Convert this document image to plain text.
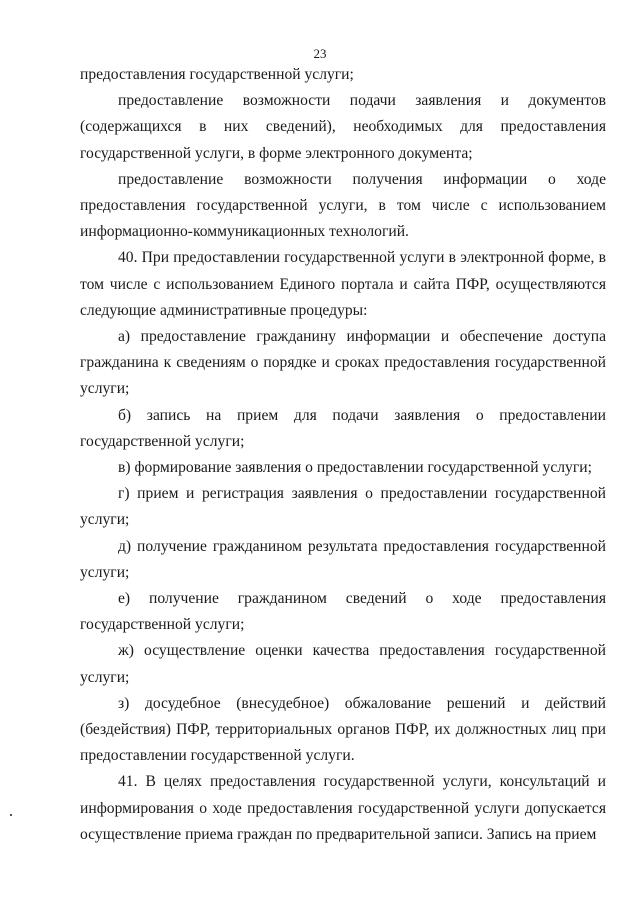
23

предоставления государственной услуги;

предоставление возможности подачи заявления и документов (содержащихся в них сведений), необходимых для предоставления государственной услуги, в форме электронного документа;

предоставление возможности получения информации о ходе предоставления государственной услуги, в том числе с использованием информационно-коммуникационных технологий.

40. При предоставлении государственной услуги в электронной форме, в том числе с использованием Единого портала и сайта ПФР, осуществляются следующие административные процедуры:

а) предоставление гражданину информации и обеспечение доступа гражданина к сведениям о порядке и сроках предоставления государственной услуги;

б) запись на прием для подачи заявления о предоставлении государственной услуги;

в) формирование заявления о предоставлении государственной услуги;

г) прием и регистрация заявления о предоставлении государственной услуги;

д) получение гражданином результата предоставления государственной услуги;

е) получение гражданином сведений о ходе предоставления государственной услуги;

ж) осуществление оценки качества предоставления государственной услуги;

з) досудебное (внесудебное) обжалование решений и действий (бездействия) ПФР, территориальных органов ПФР, их должностных лиц при предоставлении государственной услуги.

41. В целях предоставления государственной услуги, консультаций и информирования о ходе предоставления государственной услуги допускается осуществление приема граждан по предварительной записи. Запись на прием
